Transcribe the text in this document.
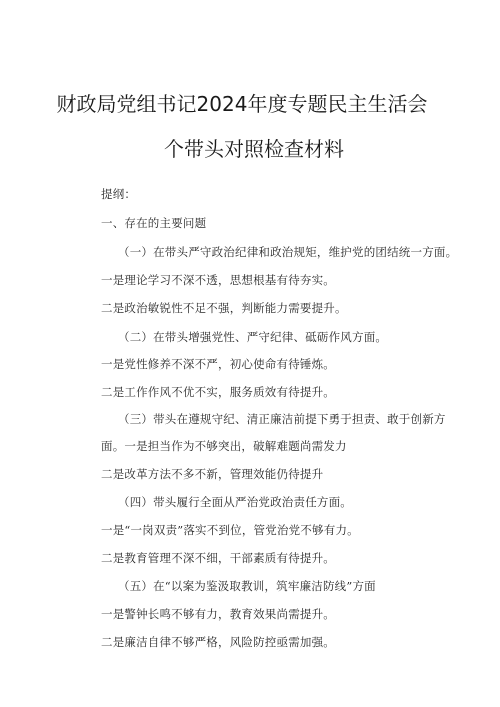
财政局党组书记2024年度专题民主生活会
个带头对照检查材料
提纲：
一、存在的主要问题
（一）在带头严守政治纪律和政治规矩，维护党的团结统一方面。
一是理论学习不深不透，思想根基有待夯实。
二是政治敏锐性不足不强，判断能力需要提升。
（二）在带头增强党性、严守纪律、砥砺作风方面。
一是党性修养不深不严，初心使命有待锤炼。
二是工作作风不优不实，服务质效有待提升。
（三）带头在遵规守纪、清正廉洁前提下勇于担责、敢于创新方
面。一是担当作为不够突出，破解难题尚需发力
二是改革方法不多不新，管理效能仍待提升
（四）带头履行全面从严治党政治责任方面。
一是“一岗双责”落实不到位，管党治党不够有力。
二是教育管理不深不细，干部素质有待提升。
（五）在“以案为鉴汲取教训，筑牢廉洁防线”方面
一是警钟长鸣不够有力，教育效果尚需提升。
二是廉洁自律不够严格，风险防控亟需加强。
